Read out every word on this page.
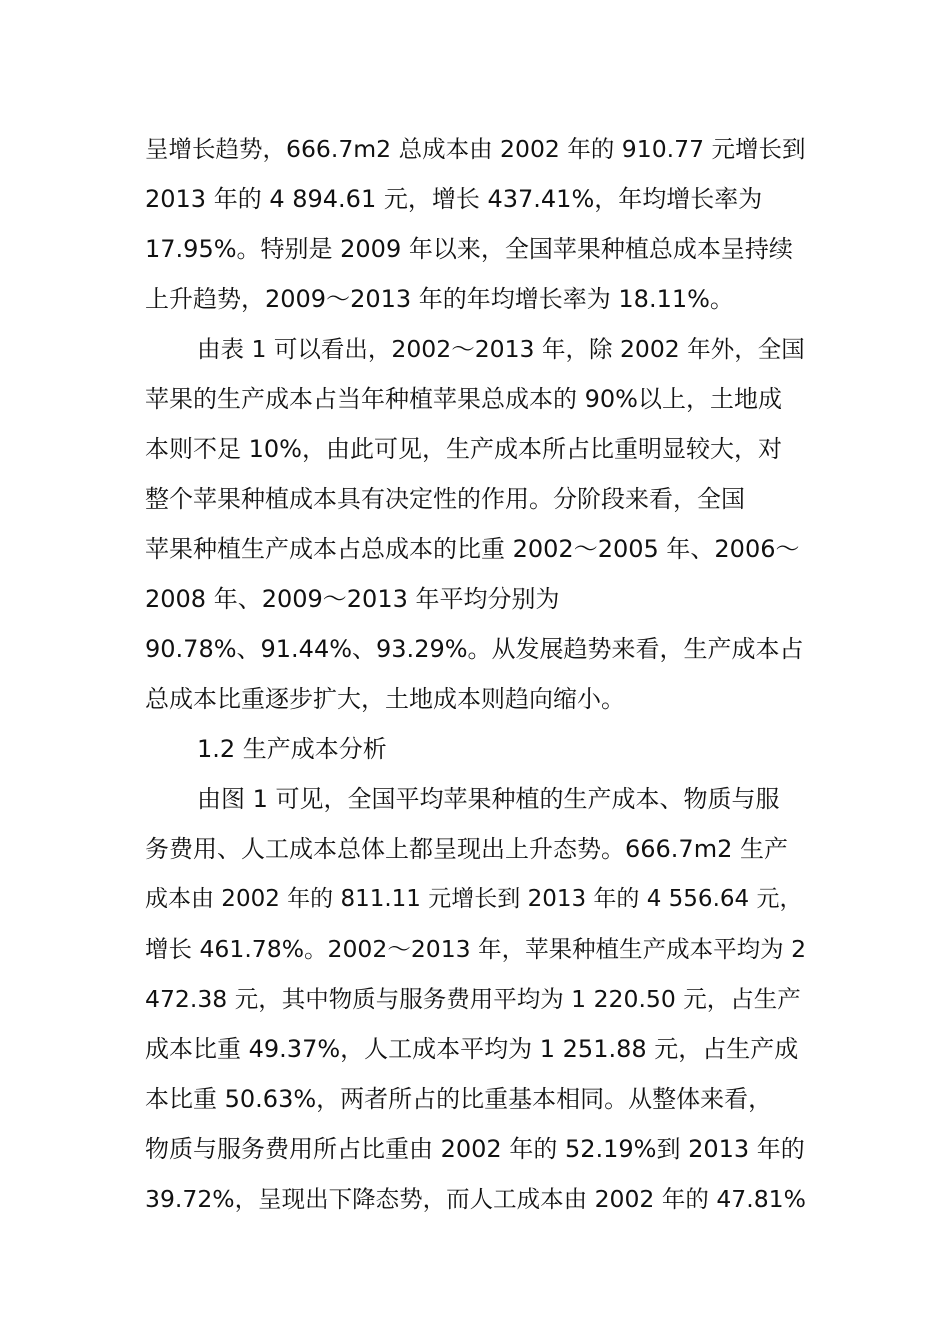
呈增长趋势，666.7m2 总成本由 2002 年的 910.77 元增长到
2013 年的 4 894.61 元，增长 437.41%，年均增长率为
17.95%。特别是 2009 年以来，全国苹果种植总成本呈持续
上升趋势，2009～2013 年的年均增长率为 18.11%。
由表 1 可以看出，2002～2013 年，除 2002 年外，全国
苹果的生产成本占当年种植苹果总成本的 90%以上，土地成
本则不足 10%，由此可见，生产成本所占比重明显较大，对
整个苹果种植成本具有决定性的作用。分阶段来看，全国
苹果种植生产成本占总成本的比重 2002～2005 年、2006～
2008 年、2009～2013 年平均分别为
90.78%、91.44%、93.29%。从发展趋势来看，生产成本占
总成本比重逐步扩大，土地成本则趋向缩小。
1.2 生产成本分析
由图 1 可见，全国平均苹果种植的生产成本、物质与服
务费用、人工成本总体上都呈现出上升态势。666.7m2 生产
成本由 2002 年的 811.11 元增长到 2013 年的 4 556.64 元，
增长 461.78%。2002～2013 年，苹果种植生产成本平均为 2
472.38 元，其中物质与服务费用平均为 1 220.50 元，占生产
成本比重 49.37%，人工成本平均为 1 251.88 元，占生产成
本比重 50.63%，两者所占的比重基本相同。从整体来看，
物质与服务费用所占比重由 2002 年的 52.19%到 2013 年的
39.72%，呈现出下降态势，而人工成本由 2002 年的 47.81%
